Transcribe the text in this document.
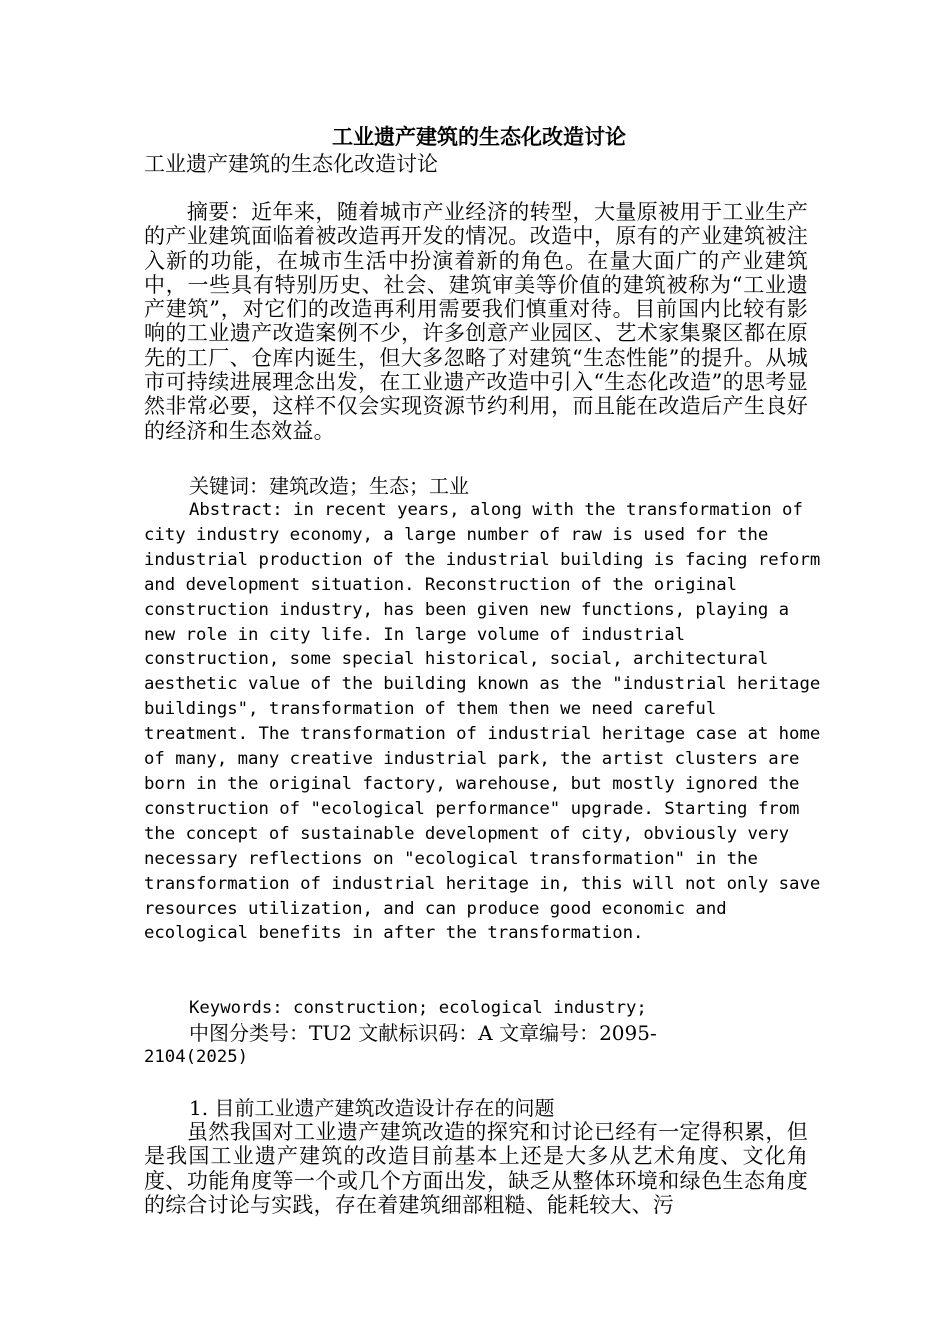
工业遗产建筑的生态化改造讨论
工业遗产建筑的生态化改造讨论

　　摘要：近年来，随着城市产业经济的转型，大量原被用于工业生产的产业建筑面临着被改造再开发的情况。改造中，原有的产业建筑被注入新的功能，在城市生活中扮演着新的角色。在量大面广的产业建筑中，一些具有特别历史、社会、建筑审美等价值的建筑被称为“工业遗产建筑”，对它们的改造再利用需要我们慎重对待。目前国内比较有影响的工业遗产改造案例不少，许多创意产业园区、艺术家集聚区都在原先的工厂、仓库内诞生，但大多忽略了对建筑“生态性能”的提升。从城市可持续进展理念出发，在工业遗产改造中引入“生态化改造”的思考显然非常必要，这样不仅会实现资源节约利用，而且能在改造后产生良好的经济和生态效益。

关键词：建筑改造；生态；工业

Abstract: in recent years, along with the transformation of city industry economy, a large number of raw is used for the industrial production of the industrial building is facing reform and development situation. Reconstruction of the original construction industry, has been given new functions, playing a new role in city life. In large volume of industrial construction, some special historical, social, architectural aesthetic value of the building known as the "industrial heritage buildings", transformation of them then we need careful treatment. The transformation of industrial heritage case at home of many, many creative industrial park, the artist clusters are born in the original factory, warehouse, but mostly ignored the construction of "ecological performance" upgrade. Starting from the concept of sustainable development of city, obviously very necessary reflections on "ecological transformation" in the transformation of industrial heritage in, this will not only save resources utilization, and can produce good economic and ecological benefits in after the transformation.

Keywords: construction; ecological industry;
中图分类号：TU2 文献标识码：A 文章编号：2095-
2104(2025)
1. 目前工业遗产建筑改造设计存在的问题

　　虽然我国对工业遗产建筑改造的探究和讨论已经有一定得积累，但是我国工业遗产建筑的改造目前基本上还是大多从艺术角度、文化角度、功能角度等一个或几个方面出发，缺乏从整体环境和绿色生态角度的综合讨论与实践，存在着建筑细部粗糙、能耗较大、污
